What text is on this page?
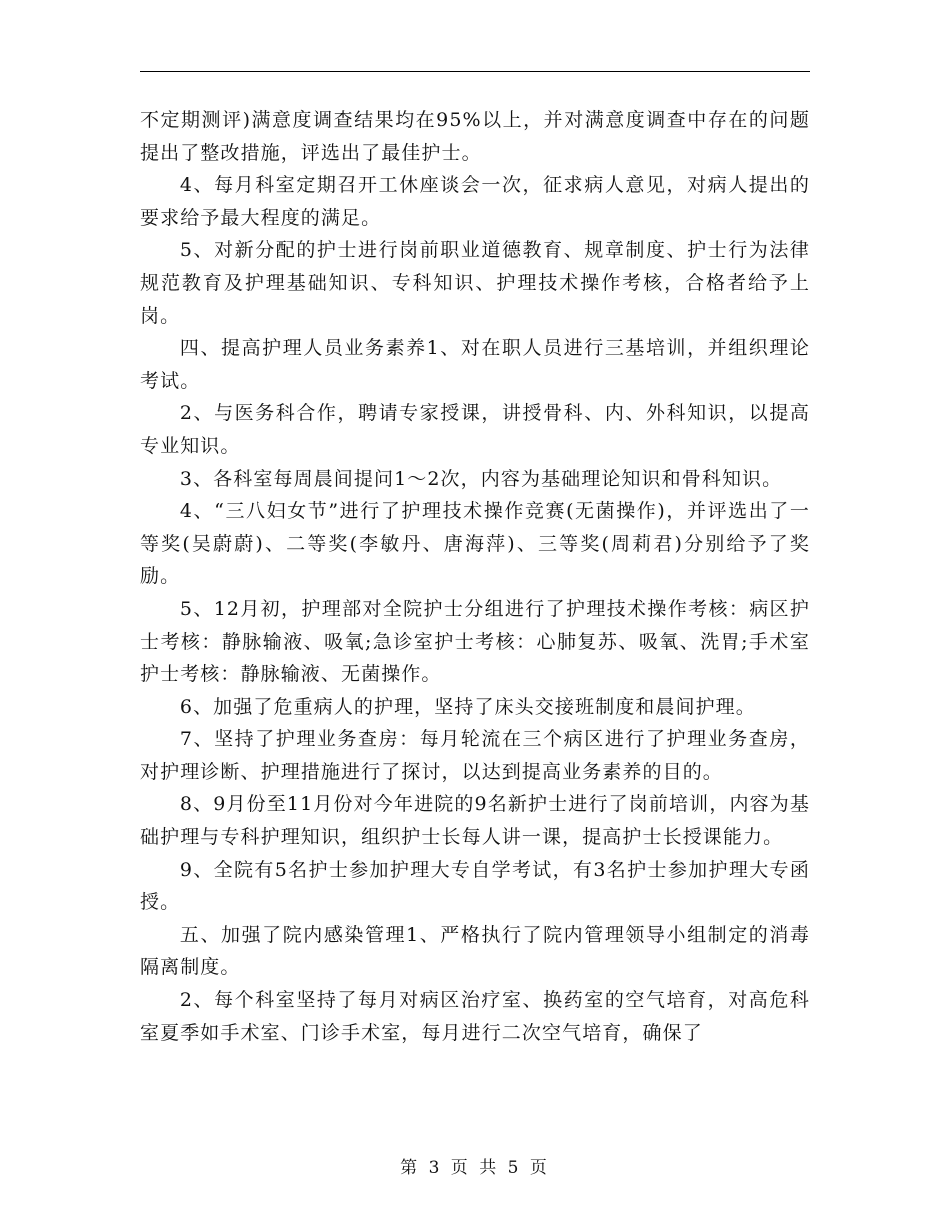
不定期测评)满意度调查结果均在95%以上，并对满意度调查中存在的问题提出了整改措施，评选出了最佳护士。

4、每月科室定期召开工休座谈会一次，征求病人意见，对病人提出的要求给予最大程度的满足。

5、对新分配的护士进行岗前职业道德教育、规章制度、护士行为法律规范教育及护理基础知识、专科知识、护理技术操作考核，合格者给予上岗。

四、提高护理人员业务素养1、对在职人员进行三基培训，并组织理论考试。

2、与医务科合作，聘请专家授课，讲授骨科、内、外科知识，以提高专业知识。

3、各科室每周晨间提问1～2次，内容为基础理论知识和骨科知识。

4、“三八妇女节”进行了护理技术操作竞赛(无菌操作)，并评选出了一等奖(吴蔚蔚)、二等奖(李敏丹、唐海萍)、三等奖(周莉君)分别给予了奖励。

5、12月初，护理部对全院护士分组进行了护理技术操作考核：病区护士考核：静脉输液、吸氧;急诊室护士考核：心肺复苏、吸氧、洗胃;手术室护士考核：静脉输液、无菌操作。

6、加强了危重病人的护理，坚持了床头交接班制度和晨间护理。

7、坚持了护理业务查房：每月轮流在三个病区进行了护理业务查房，对护理诊断、护理措施进行了探讨，以达到提高业务素养的目的。

8、9月份至11月份对今年进院的9名新护士进行了岗前培训，内容为基础护理与专科护理知识，组织护士长每人讲一课，提高护士长授课能力。

9、全院有5名护士参加护理大专自学考试，有3名护士参加护理大专函授。

五、加强了院内感染管理1、严格执行了院内管理领导小组制定的消毒隔离制度。

2、每个科室坚持了每月对病区治疗室、换药室的空气培育，对高危科室夏季如手术室、门诊手术室，每月进行二次空气培育，确保了

第 3 页 共 5 页
